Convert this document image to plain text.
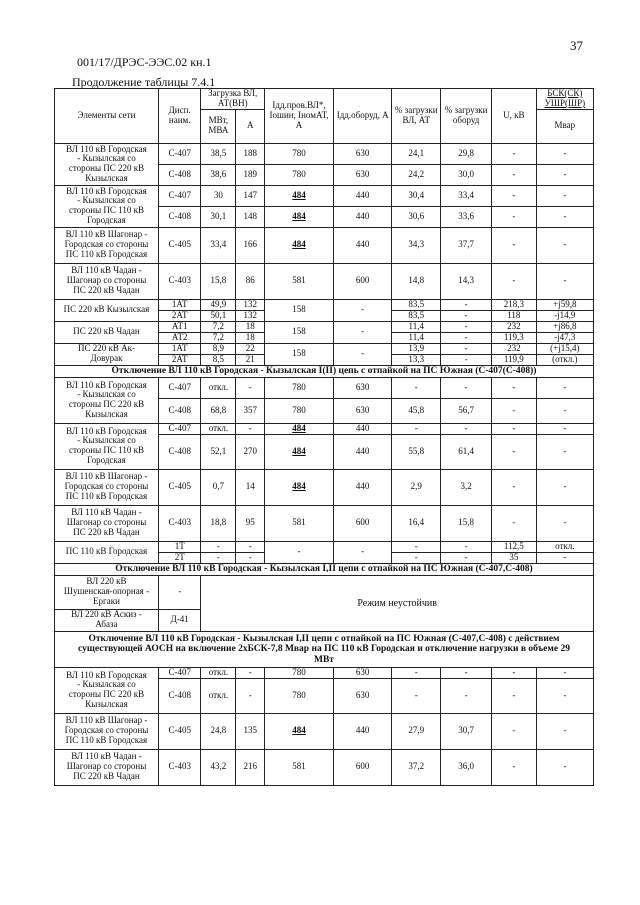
37
001/17/ДРЭС-ЭЭС.02 кн.1
Продолжение таблицы 7.4.1
Элементы сети	Дисп. наим.	Загрузка ВЛ, АТ(ВН)		Iдд.пров.ВЛ*, Iошин, IномАТ, А	Iдд.оборуд, А	% загрузки ВЛ, АТ	% загрузки оборуд	U, кВ	БСК(СК) УШР(ШР)
		МВт, МВА	А						Мвар
ВЛ 110 кВ Городская
- Кызылская со
стороны ПС 220 кВ
Кызылская	С-407	38,5	188	780	630	24,1	29,8	-	-
	С-408	38,6	189	780	630	24,2	30,0	-	-
ВЛ 110 кВ Городская
- Кызылская со
стороны ПС 110 кВ
Городская	С-407	30	147	484	440	30,4	33,4	-	-
	С-408	30,1	148	484	440	30,6	33,6	-	-
ВЛ 110 кВ Шагонар -
Городская со стороны
ПС 110 кВ Городская	С-405	33,4	166	484	440	34,3	37,7	-	-
ВЛ 110 кВ Чадан -
Шагонар со стороны
ПС 220 кВ Чадан	С-403	15,8	86	581	600	14,8	14,3	-	-
ПС 220 кВ Кызылская	1АТ	49,9	132	158	-	83,5	-	218,3	+j59,8
	2АТ	50,1	132			83,5	-	118	-j14,9
ПС 220 кВ Чадан	АТ1	7,2	18	158	-	11,4	-	232	+j86,8
	АТ2	7,2	18			11,4	-	119,3	-j47,3
ПС 220 кВ Ак-
Довурак	1АТ	8,9	22	158	-	13,9	-	232	(+j15,4)
	2АТ	8,5	21			13,3	-	119,9	(откл.)
Отключение ВЛ 110 кВ Городская - Кызылская I(II) цепь с отпайкой на ПС Южная (С-407(С-408))									
ВЛ 110 кВ Городская
- Кызылская со
стороны ПС 220 кВ
Кызылская	С-407	откл.	-	780	630	-	-	-	-
	С-408	68,8	357	780	630	45,8	56,7	-	-
ВЛ 110 кВ Городская
- Кызылская со
стороны ПС 110 кВ
Городская	С-407	откл.	-	484	440	-	-	-	-
	С-408	52,1	270	484	440	55,8	61,4	-	-
ВЛ 110 кВ Шагонар -
Городская со стороны
ПС 110 кВ Городская	С-405	0,7	14	484	440	2,9	3,2	-	-
ВЛ 110 кВ Чадан -
Шагонар со стороны
ПС 220 кВ Чадан	С-403	18,8	95	581	600	16,4	15,8	-	-
ПС 110 кВ Городская	1Т	-	-	-	-	-	-	112,5	откл.
	2Т	-	-			-	-	35	-
Отключение ВЛ 110 кВ Городская - Кызылская I,II цепи с отпайкой на ПС Южная (С-407,С-408)									
ВЛ 220 кВ
Шушенская-опорная -
Ергаки	-	Режим неустойчив							
ВЛ 220 кВ Аскиз -
Абаза	Д-41								
Отключение ВЛ 110 кВ Городская - Кызылская I,II цепи с отпайкой на ПС Южная (С-407,С-408) с действием
существующей АОСН на включение 2хБСК-7,8 Мвар на ПС 110 кВ Городская и отключение нагрузки в объеме 29
МВт									
ВЛ 110 кВ Городская
- Кызылская со
стороны ПС 220 кВ
Кызылская	С-407	откл.	-	780	630	-	-	-	-
	С-408	откл.	-	780	630	-	-	-	-
ВЛ 110 кВ Шагонар -
Городская со стороны
ПС 110 кВ Городская	С-405	24,8	135	484	440	27,9	30,7	-	-
ВЛ 110 кВ Чадан -
Шагонар со стороны
ПС 220 кВ Чадан	С-403	43,2	216	581	600	37,2	36,0	-	-
